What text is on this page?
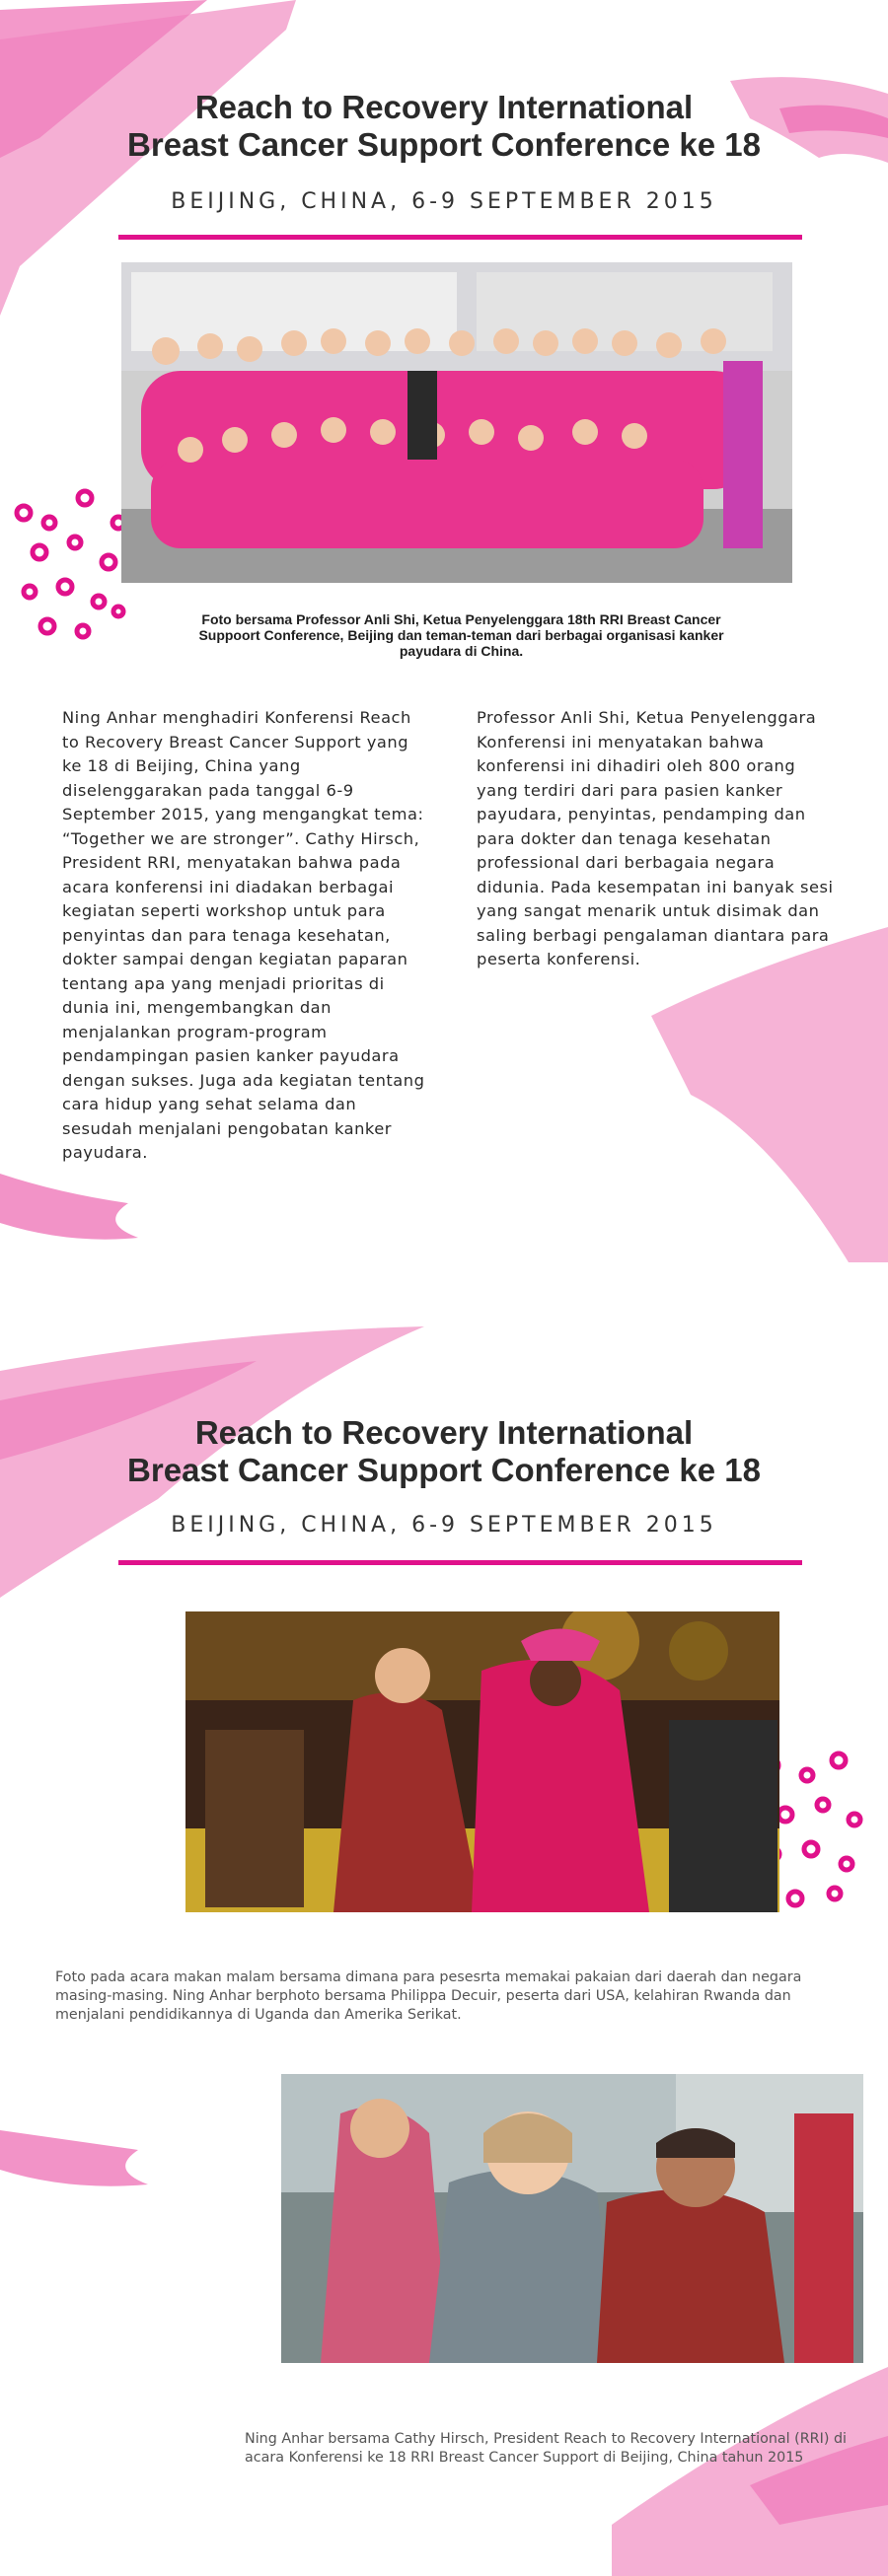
Reach to Recovery International
Breast Cancer Support Conference ke 18
BEIJING, CHINA, 6-9 SEPTEMBER 2015
Foto bersama Professor Anli Shi, Ketua Penyelenggara 18th RRI Breast Cancer Suppoort Conference, Beijing dan teman-teman dari berbagai organisasi kanker payudara di China.
Ning Anhar menghadiri Konferensi Reach to Recovery Breast Cancer Support yang ke 18 di Beijing, China yang diselenggarakan pada tanggal 6-9 September 2015, yang mengangkat tema: “Together we are stronger”. Cathy Hirsch, President RRI, menyatakan bahwa pada acara konferensi ini diadakan berbagai kegiatan seperti workshop untuk para penyintas dan para tenaga kesehatan, dokter sampai dengan kegiatan paparan tentang apa yang menjadi prioritas di dunia ini, mengembangkan dan menjalankan program-program pendampingan pasien kanker payudara dengan sukses. Juga ada kegiatan tentang cara hidup yang sehat selama dan sesudah menjalani pengobatan kanker payudara.
Professor Anli Shi, Ketua Penyelenggara Konferensi ini menyatakan bahwa konferensi ini dihadiri oleh 800 orang yang terdiri dari para pasien kanker payudara, penyintas, pendamping dan para dokter dan tenaga kesehatan professional dari berbagaia negara didunia. Pada kesempatan ini banyak sesi yang sangat menarik untuk disimak dan saling berbagi pengalaman diantara para peserta konferensi.
Reach to Recovery International
Breast Cancer Support Conference ke 18
BEIJING, CHINA, 6-9 SEPTEMBER 2015
Foto pada acara makan malam bersama dimana para pesesrta memakai pakaian dari daerah dan negara masing-masing. Ning Anhar berphoto bersama Philippa Decuir, peserta dari USA, kelahiran Rwanda dan menjalani pendidikannya di Uganda dan Amerika Serikat.
Ning Anhar bersama Cathy Hirsch, President Reach to Recovery International (RRI) di acara Konferensi ke 18 RRI Breast Cancer Support di Beijing, China tahun 2015
